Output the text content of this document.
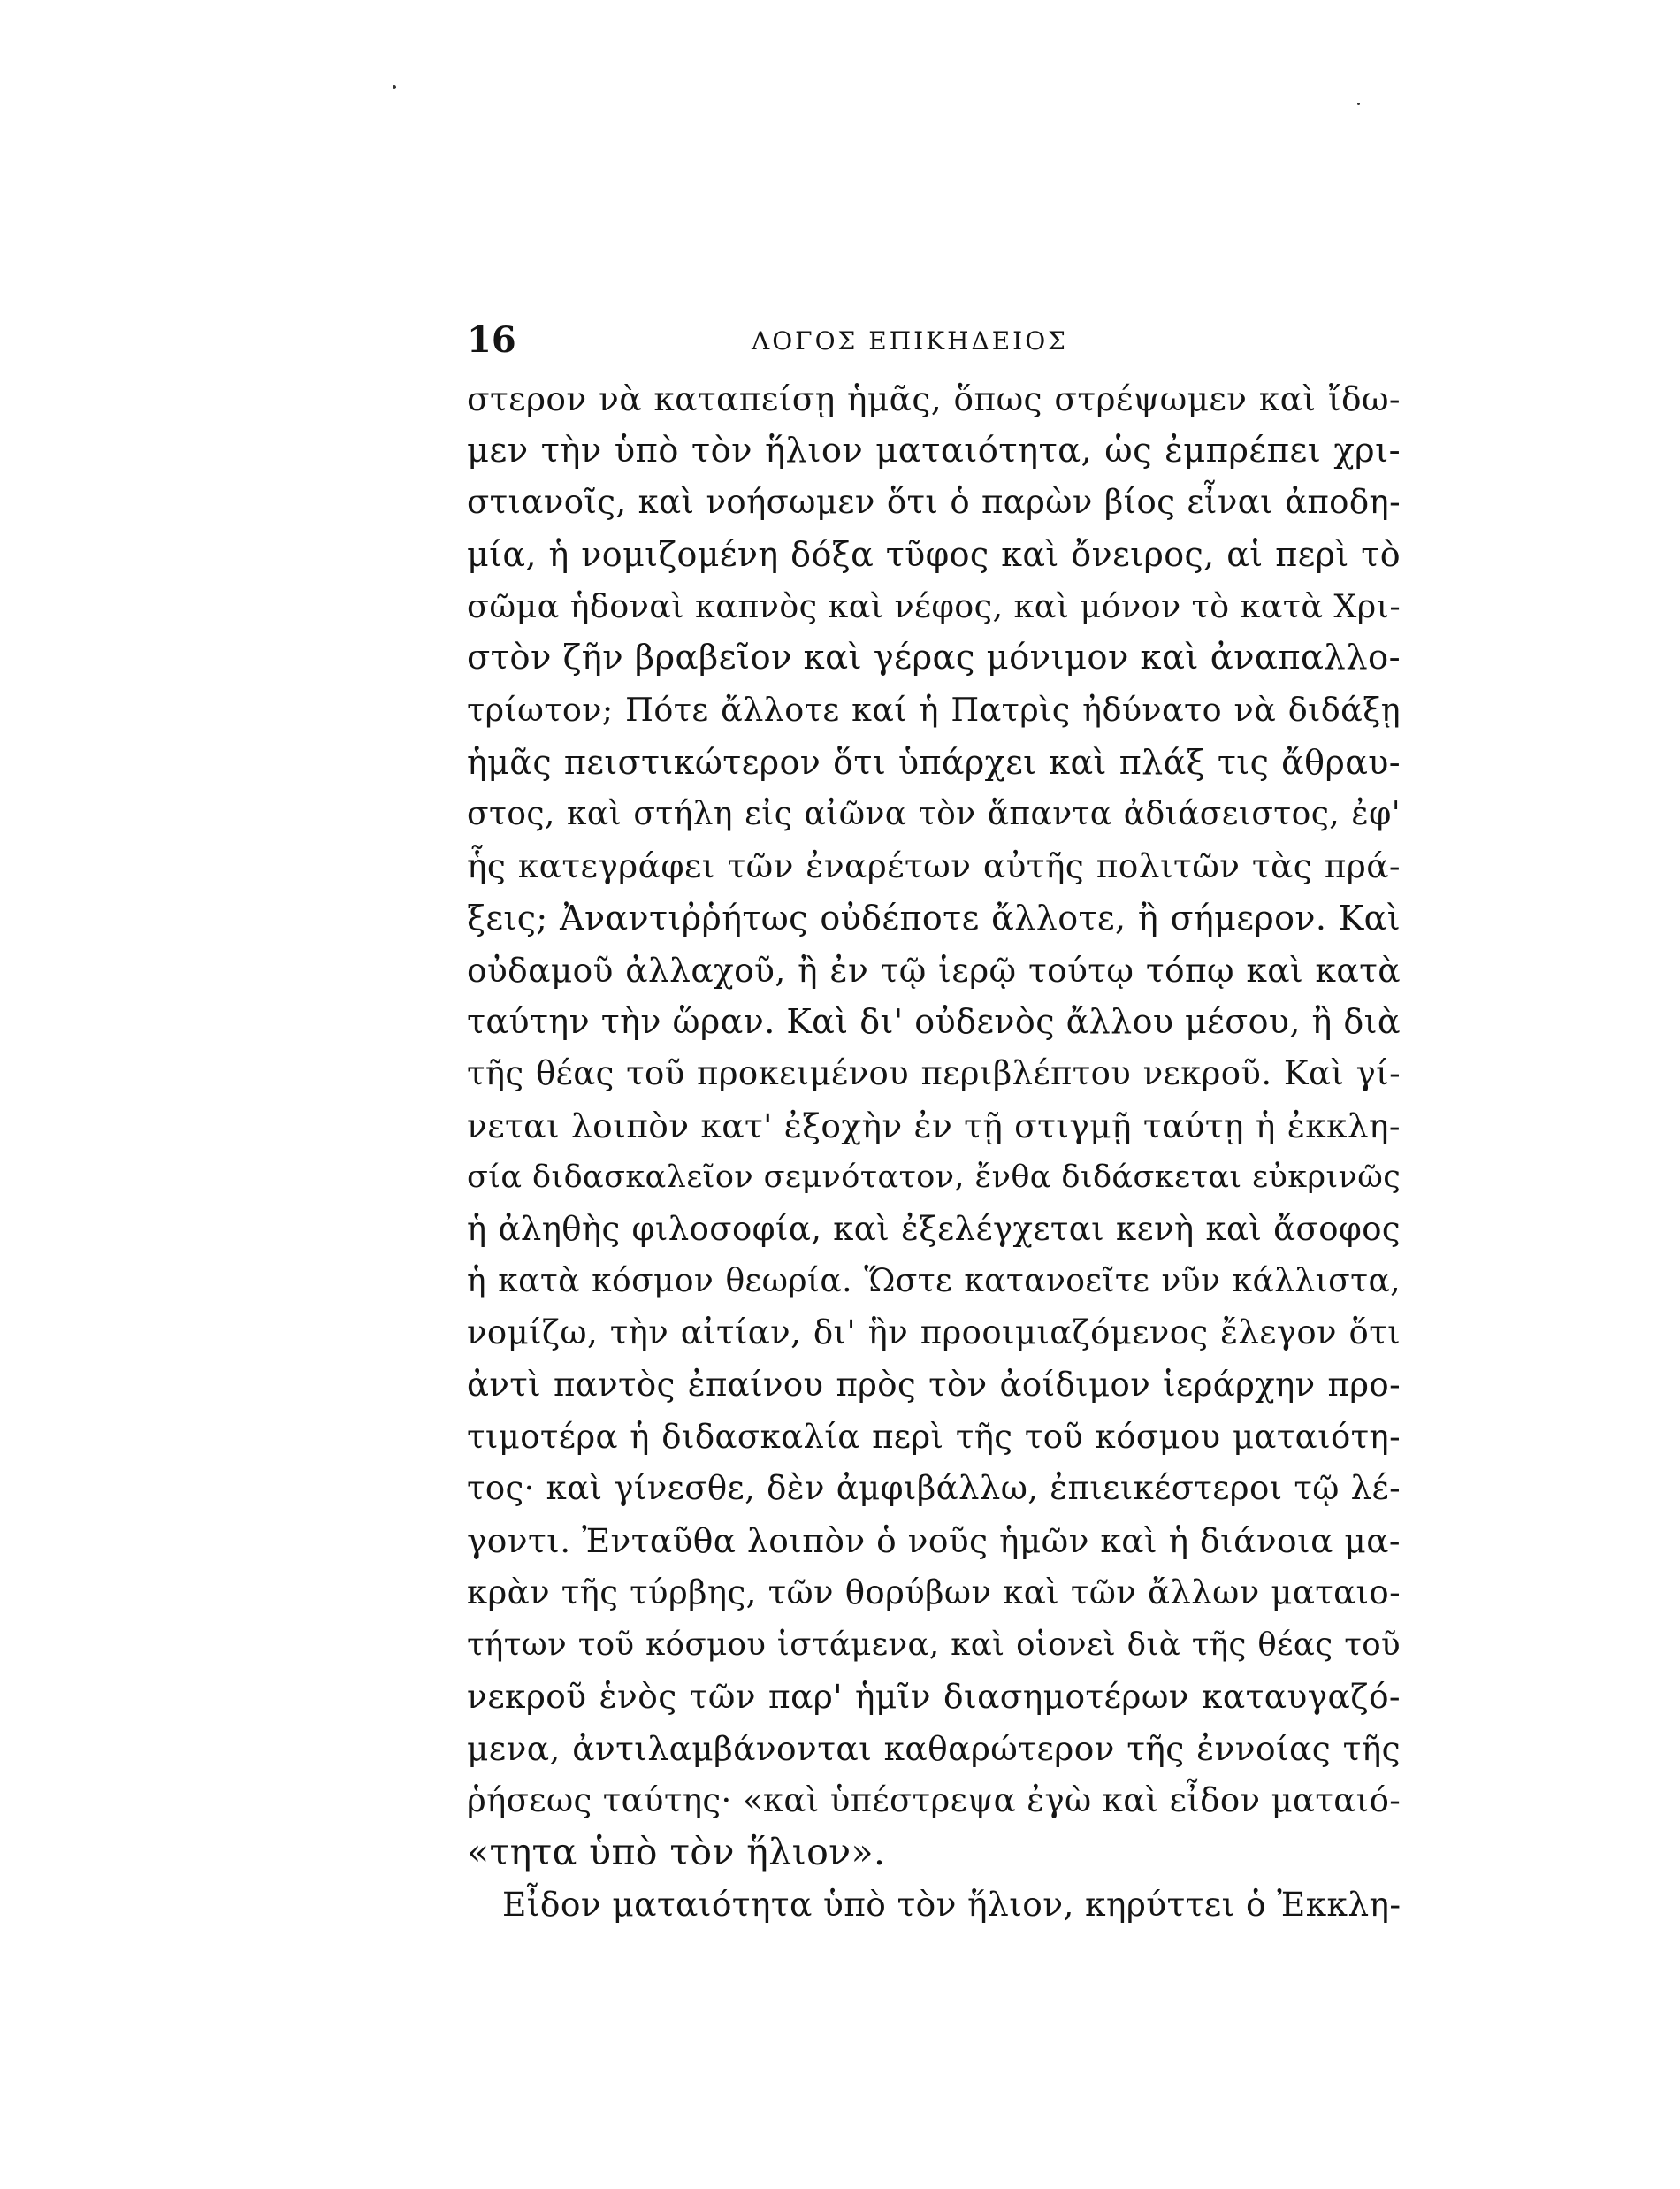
16	ΛΟΓΟΣ ΕΠΙΚΗΔΕΙΟΣ
στερον νὰ καταπείσῃ ἡμᾶς, ὅπως στρέψωμεν καὶ ἴδω-
μεν τὴν ὑπὸ τὸν ἥλιον ματαιότητα, ὡς ἐμπρέπει χρι-
στιανοῖς, καὶ νοήσωμεν ὅτι ὁ παρὼν βίος εἶναι ἀποδη-
μία, ἡ νομιζομένη δόξα τῦφος καὶ ὄνειρος, αἱ περὶ τὸ
σῶμα ἡδοναὶ καπνὸς καὶ νέφος, καὶ μόνον τὸ κατὰ Χρι-
στὸν ζῆν βραβεῖον καὶ γέρας μόνιμον καὶ ἀναπαλλο-
τρίωτον; Πότε ἄλλοτε καί ἡ Πατρὶς ἠδύνατο νὰ διδάξῃ
ἡμᾶς πειστικώτερον ὅτι ὑπάρχει καὶ πλάξ τις ἄθραυ-
στος, καὶ στήλη εἰς αἰῶνα τὸν ἅπαντα ἀδιάσειστος, ἐφ'
ἧς κατεγράφει τῶν ἐναρέτων αὐτῆς πολιτῶν τὰς πρά-
ξεις; Ἀναντιῤῥήτως οὐδέποτε ἄλλοτε, ἢ σήμερον. Καὶ
οὐδαμοῦ ἀλλαχοῦ, ἢ ἐν τῷ ἱερῷ τούτῳ τόπῳ καὶ κατὰ
ταύτην τὴν ὥραν. Καὶ δι' οὐδενὸς ἄλλου μέσου, ἢ διὰ
τῆς θέας τοῦ προκειμένου περιβλέπτου νεκροῦ. Καὶ γί-
νεται λοιπὸν κατ' ἐξοχὴν ἐν τῇ στιγμῇ ταύτῃ ἡ ἐκκλη-
σία διδασκαλεῖον σεμνότατον, ἔνθα διδάσκεται εὐκρινῶς
ἡ ἀληθὴς φιλοσοφία, καὶ ἐξελέγχεται κενὴ καὶ ἄσοφος
ἡ κατὰ κόσμον θεωρία. Ὥστε κατανοεῖτε νῦν κάλλιστα,
νομίζω, τὴν αἰτίαν, δι' ἣν προοιμιαζόμενος ἔλεγον ὅτι
ἀντὶ παντὸς ἐπαίνου πρὸς τὸν ἀοίδιμον ἱεράρχην προ-
τιμοτέρα ἡ διδασκαλία περὶ τῆς τοῦ κόσμου ματαιότη-
τος· καὶ γίνεσθε, δὲν ἀμφιβάλλω, ἐπιεικέστεροι τῷ λέ-
γοντι. Ἐνταῦθα λοιπὸν ὁ νοῦς ἡμῶν καὶ ἡ διάνοια μα-
κρὰν τῆς τύρβης, τῶν θορύβων καὶ τῶν ἄλλων ματαιο-
τήτων τοῦ κόσμου ἱστάμενα, καὶ οἱονεὶ διὰ τῆς θέας τοῦ
νεκροῦ ἑνὸς τῶν παρ' ἡμῖν διασημοτέρων καταυγαζό-
μενα, ἀντιλαμβάνονται καθαρώτερον τῆς ἐννοίας τῆς
ῥήσεως ταύτης· «καὶ ὑπέστρεψα ἐγὼ καὶ εἶδον ματαιό-
«τητα ὑπὸ τὸν ἥλιον».
Εἶδον ματαιότητα ὑπὸ τὸν ἥλιον, κηρύττει ὁ Ἐκκλη-
